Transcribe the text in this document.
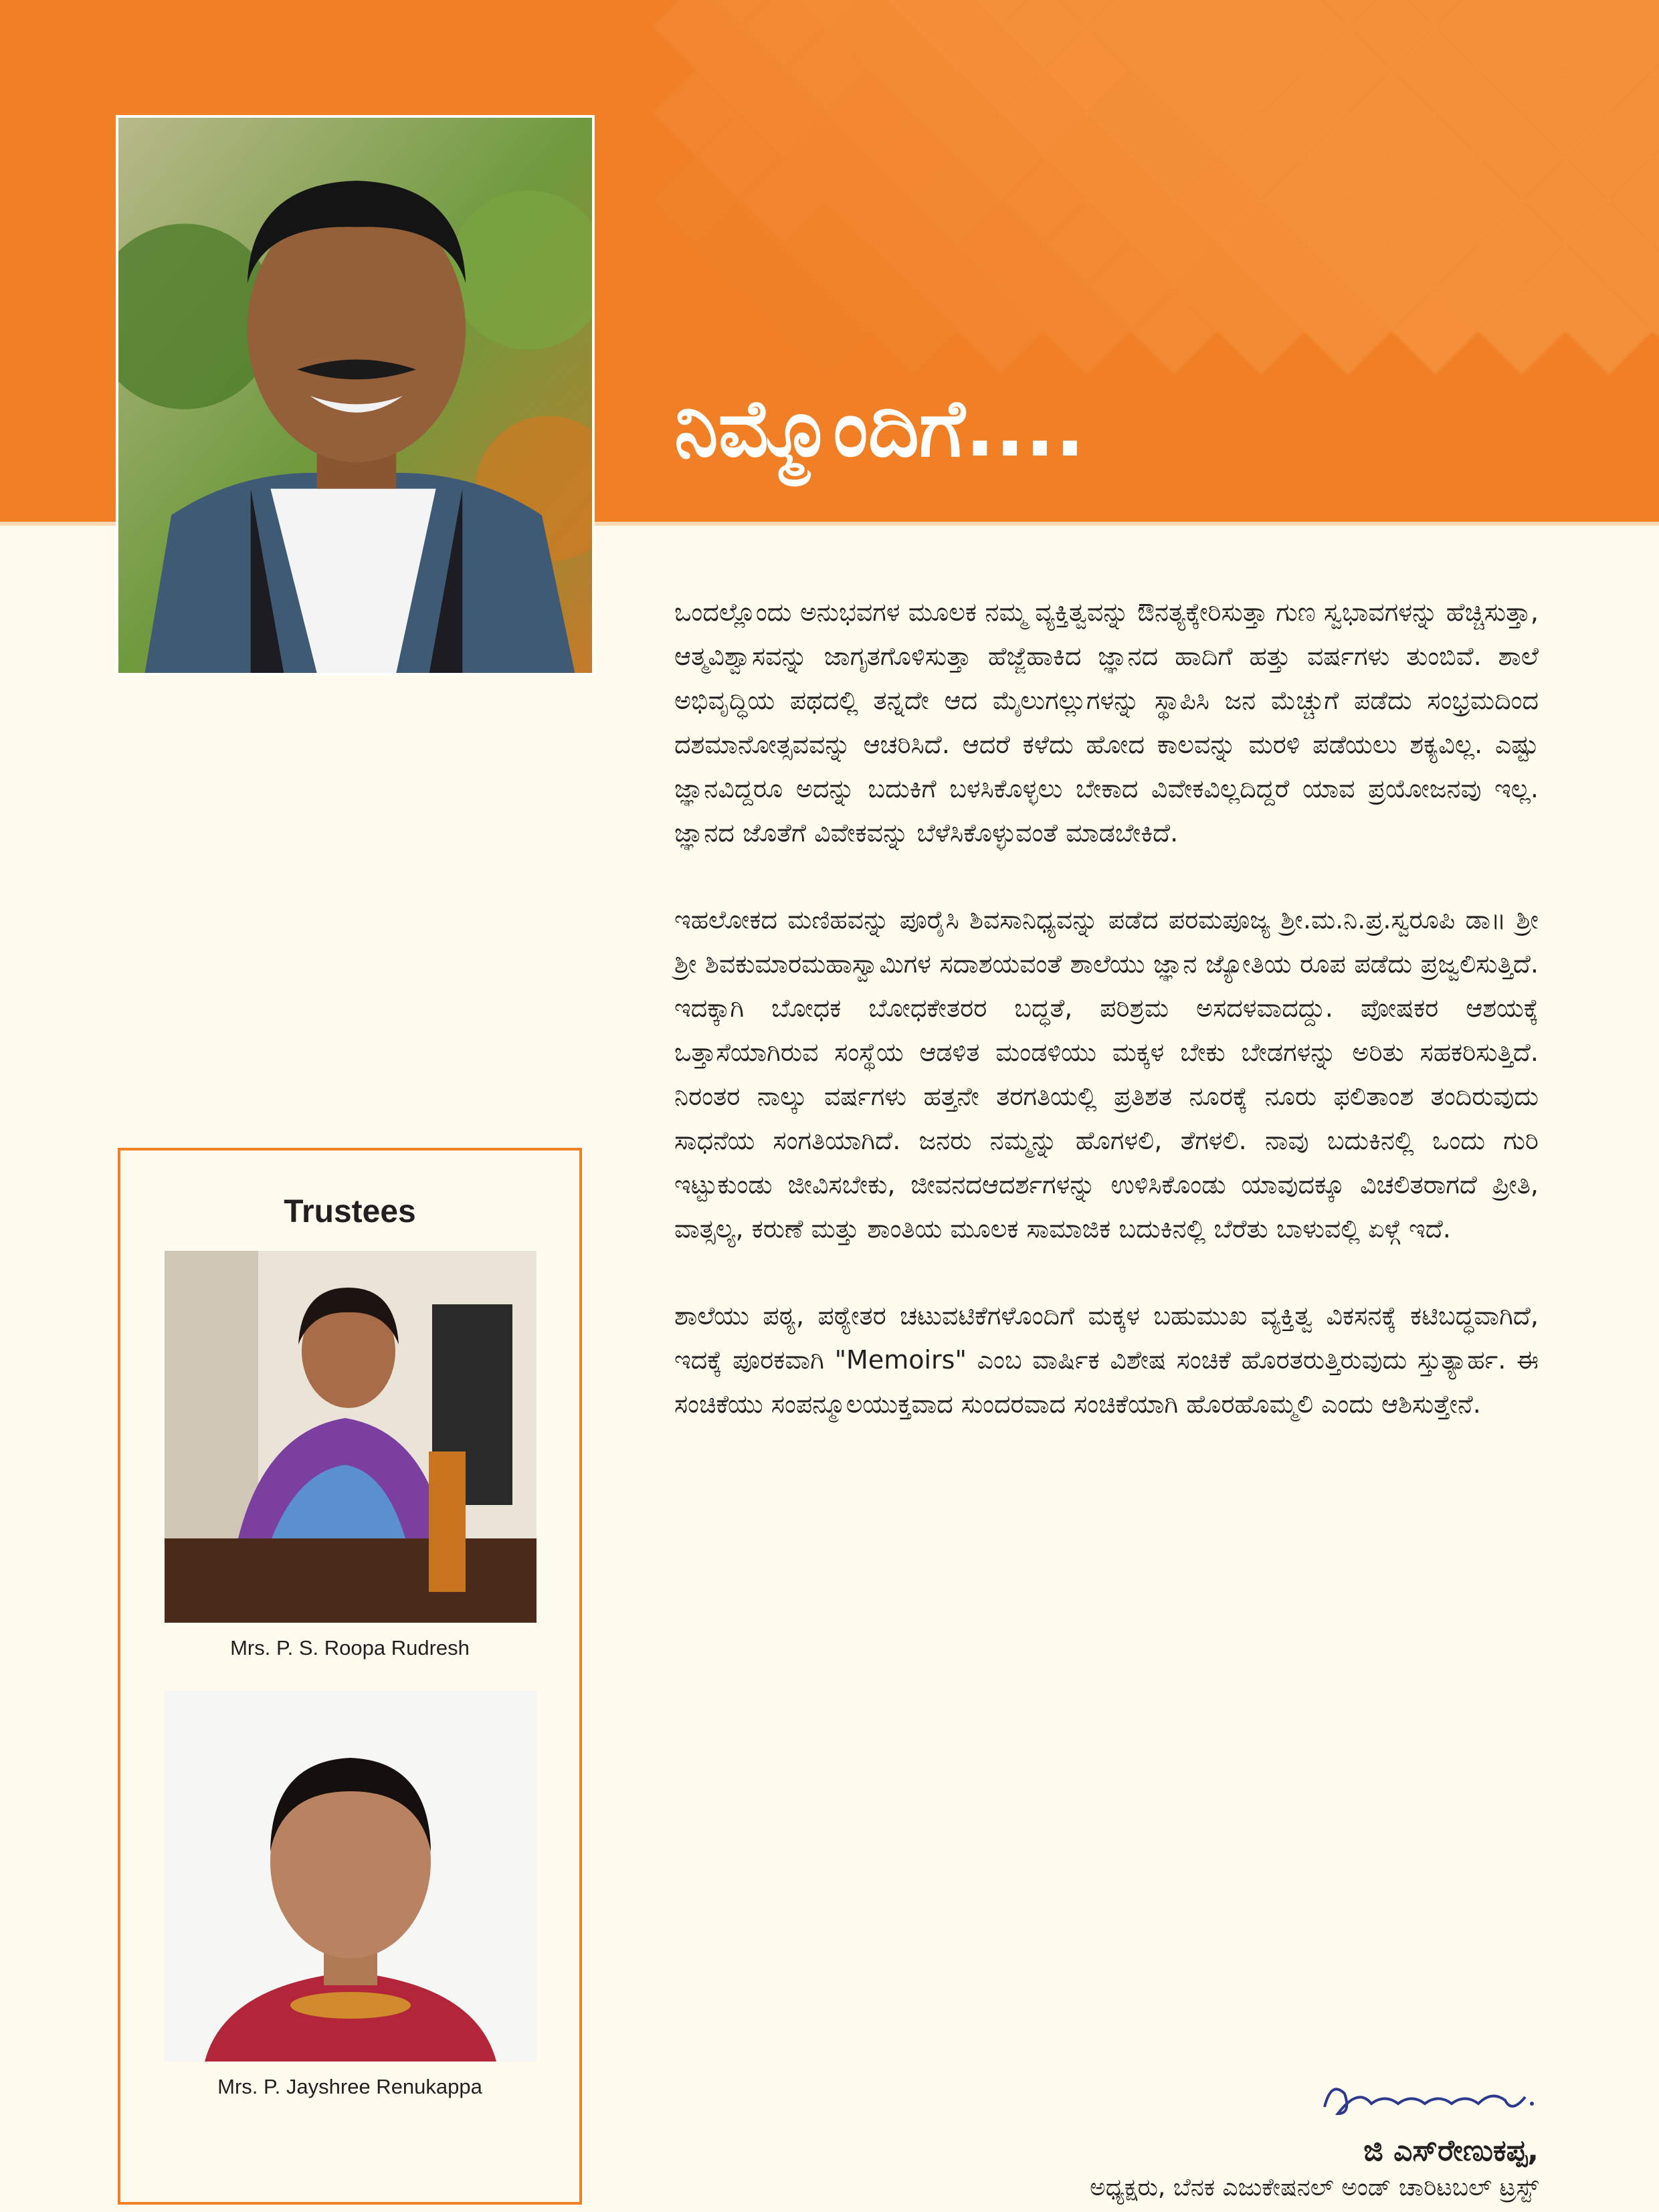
ನಿಮ್ಮೊಂದಿಗೆ....

ಒಂದಲ್ಲೊಂದು ಅನುಭವಗಳ ಮೂಲಕ ನಮ್ಮ ವ್ಯಕ್ತಿತ್ವವನ್ನು ಔನತ್ಯಕ್ಕೇರಿಸುತ್ತಾ ಗುಣ ಸ್ವಭಾವಗಳನ್ನು ಹೆಚ್ಚಿಸುತ್ತಾ, ಆತ್ಮವಿಶ್ವಾಸವನ್ನು ಜಾಗೃತಗೊಳಿಸುತ್ತಾ ಹೆಜ್ಜೆಹಾಕಿದ ಜ್ಞಾನದ ಹಾದಿಗೆ ಹತ್ತು ವರ್ಷಗಳು ತುಂಬಿವೆ. ಶಾಲೆ ಅಭಿವೃದ್ಧಿಯ ಪಥದಲ್ಲಿ ತನ್ನದೇ ಆದ ಮೈಲುಗಲ್ಲುಗಳನ್ನು ಸ್ಥಾಪಿಸಿ ಜನ ಮೆಚ್ಚುಗೆ ಪಡೆದು ಸಂಭ್ರಮದಿಂದ ದಶಮಾನೋತ್ಸವವನ್ನು ಆಚರಿಸಿದೆ. ಆದರೆ ಕಳೆದು ಹೋದ ಕಾಲವನ್ನು ಮರಳಿ ಪಡೆಯಲು ಶಕ್ಯವಿಲ್ಲ. ಎಷ್ಟು ಜ್ಞಾನವಿದ್ದರೂ ಅದನ್ನು ಬದುಕಿಗೆ ಬಳಸಿಕೊಳ್ಳಲು ಬೇಕಾದ ವಿವೇಕವಿಲ್ಲದಿದ್ದರೆ ಯಾವ ಪ್ರಯೋಜನವು ಇಲ್ಲ. ಜ್ಞಾನದ ಜೊತೆಗೆ ವಿವೇಕವನ್ನು ಬೆಳೆಸಿಕೊಳ್ಳುವಂತೆ ಮಾಡಬೇಕಿದೆ.

ಇಹಲೋಕದ ಮಣಿಹವನ್ನು ಪೂರೈಸಿ ಶಿವಸಾನಿಧ್ಯವನ್ನು ಪಡೆದ ಪರಮಪೂಜ್ಯ ಶ್ರೀ.ಮ.ನಿ.ಪ್ರ.ಸ್ವರೂಪಿ ಡಾ॥ ಶ್ರೀ ಶ್ರೀ ಶಿವಕುಮಾರಮಹಾಸ್ವಾಮಿಗಳ ಸದಾಶಯವಂತೆ ಶಾಲೆಯು ಜ್ಞಾನ ಜ್ಯೋತಿಯ ರೂಪ ಪಡೆದು ಪ್ರಜ್ವಲಿಸುತ್ತಿದೆ. ಇದಕ್ಕಾಗಿ ಬೋಧಕ ಬೋಧಕೇತರರ ಬದ್ಧತೆ, ಪರಿಶ್ರಮ ಅಸದಳವಾದದ್ದು. ಪೋಷಕರ ಆಶಯಕ್ಕೆ ಒತ್ತಾಸೆಯಾಗಿರುವ ಸಂಸ್ಥೆಯ ಆಡಳಿತ ಮಂಡಳಿಯು ಮಕ್ಕಳ ಬೇಕು ಬೇಡಗಳನ್ನು ಅರಿತು ಸಹಕರಿಸುತ್ತಿದೆ. ನಿರಂತರ ನಾಲ್ಕು ವರ್ಷಗಳು ಹತ್ತನೇ ತರಗತಿಯಲ್ಲಿ ಪ್ರತಿಶತ ನೂರಕ್ಕೆ ನೂರು ಫಲಿತಾಂಶ ತಂದಿರುವುದು ಸಾಧನೆಯ ಸಂಗತಿಯಾಗಿದೆ. ಜನರು ನಮ್ಮನ್ನು ಹೊಗಳಲಿ, ತೆಗಳಲಿ. ನಾವು ಬದುಕಿನಲ್ಲಿ ಒಂದು ಗುರಿ ಇಟ್ಟುಕುಂಡು ಜೀವಿಸಬೇಕು, ಜೀವನದಆದರ್ಶಗಳನ್ನು ಉಳಿಸಿಕೊಂಡು ಯಾವುದಕ್ಕೂ ವಿಚಲಿತರಾಗದೆ ಪ್ರೀತಿ, ವಾತ್ಸಲ್ಯ, ಕರುಣೆ ಮತ್ತು ಶಾಂತಿಯ ಮೂಲಕ ಸಾಮಾಜಿಕ ಬದುಕಿನಲ್ಲಿ ಬೆರೆತು ಬಾಳುವಲ್ಲಿ ಏಳ್ಗೆ ಇದೆ.

ಶಾಲೆಯು ಪಠ್ಯ, ಪಠ್ಯೇತರ ಚಟುವಟಿಕೆಗಳೊಂದಿಗೆ ಮಕ್ಕಳ ಬಹುಮುಖ ವ್ಯಕ್ತಿತ್ವ ವಿಕಸನಕ್ಕೆ ಕಟಿಬದ್ಧವಾಗಿದೆ, ಇದಕ್ಕೆ ಪೂರಕವಾಗಿ "Memoirs" ಎಂಬ ವಾರ್ಷಿಕ ವಿಶೇಷ ಸಂಚಿಕೆ ಹೊರತರುತ್ತಿರುವುದು ಸ್ತುತ್ಯಾರ್ಹ. ಈ ಸಂಚಿಕೆಯು ಸಂಪನ್ಮೂಲಯುಕ್ತವಾದ ಸುಂದರವಾದ ಸಂಚಿಕೆಯಾಗಿ ಹೊರಹೊಮ್ಮಲಿ ಎಂದು ಆಶಿಸುತ್ತೇನೆ.

Trustees
Mrs. P. S. Roopa Rudresh
Mrs. P. Jayshree Renukappa
ಜಿ ಎಸ್‌ರೇಣುಕಪ್ಪ,
ಅಧ್ಯಕ್ಷರು, ಬೆನಕ ಎಜುಕೇಷನಲ್ ಅಂಡ್ ಚಾರಿಟಬಲ್ ಟ್ರಸ್ಟ್
